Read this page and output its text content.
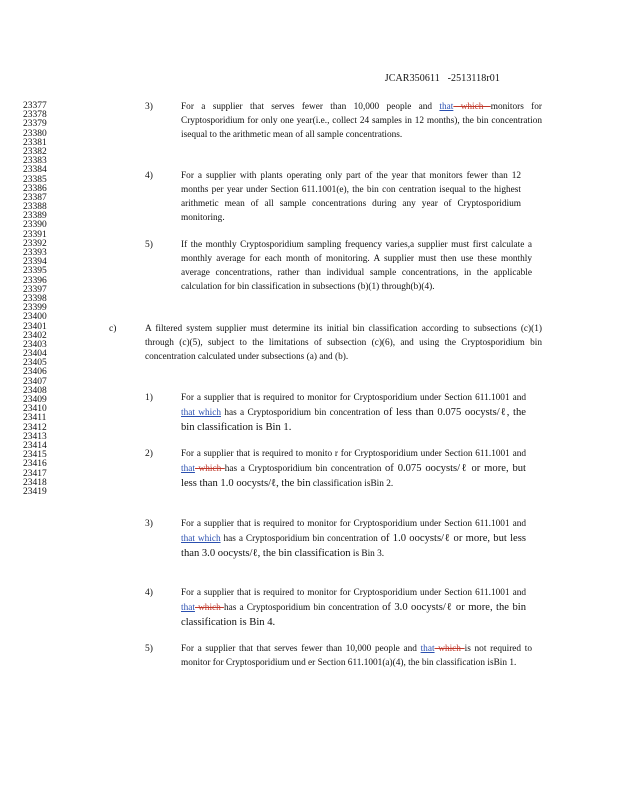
JCAR350611   -2513118r01
23377
23378
23379
23380
23381
23382
23383
23384
23385
23386
23387
23388
23389
23390
23391
23392
23393
23394
23395
23396
23397
23398
23399
23400
23401
23402
23403
23404
23405
23406
23407
23408
23409
23410
23411
23412
23413
23414
23415
23416
23417
23418
23419
3)	For a supplier that serves fewer than 10,000 people and that which monitors for Cryptosporidium for only one year(i.e., collect 24 samples in 12 months), the bin concentration isequal to the arithmetic mean of all sample concentrations.
4)	For a supplier with plants operating only part of the year that monitors fewer than 12 months per year under Section 611.1001(e), the bin con centration isequal to the highest arithmetic mean of all sample concentrations during any year of Cryptosporidium monitoring.
5)	If the monthly Cryptosporidium sampling frequency varies,a supplier must first calculate a monthly average for each month of monitoring. A supplier must then use these monthly average concentrations, rather than individual sample concentrations, in the applicable calculation for bin classification in subsections (b)(1) through(b)(4).
c)	A filtered system supplier must determine its initial bin classification according to subsections (c)(1) through (c)(5), subject to the limitations of subsection (c)(6), and using the Cryptosporidium bin concentration calculated under subsections (a) and (b).
1)	For a supplier that is required to monitor for Cryptosporidium under Section 611.1001 and that which has a Cryptosporidium bin concentration of less than 0.075 oocysts/ℓ, the bin classification is Bin 1.
2)	For a supplier that is required to monito r for Cryptosporidium under Section 611.1001 and that which has a Cryptosporidium bin concentration of 0.075 oocysts/ℓ or more, but less than 1.0 oocysts/ℓ, the bin classification isBin 2.
3)	For a supplier that is required to monitor for Cryptosporidium under Section 611.1001 and that which has a Cryptosporidium bin concentration of 1.0 oocysts/ℓ or more, but less than 3.0 oocysts/ℓ, the bin classification is Bin 3.
4)	For a supplier that is required to monitor for Cryptosporidium under Section 611.1001 and that which has a Cryptosporidium bin concentration of 3.0 oocysts/ℓ or more, the bin classification is Bin 4.
5)	For a supplier that that serves fewer than 10,000 people and that which is not required to monitor for Cryptosporidium und er Section 611.1001(a)(4), the bin classification isBin 1.
